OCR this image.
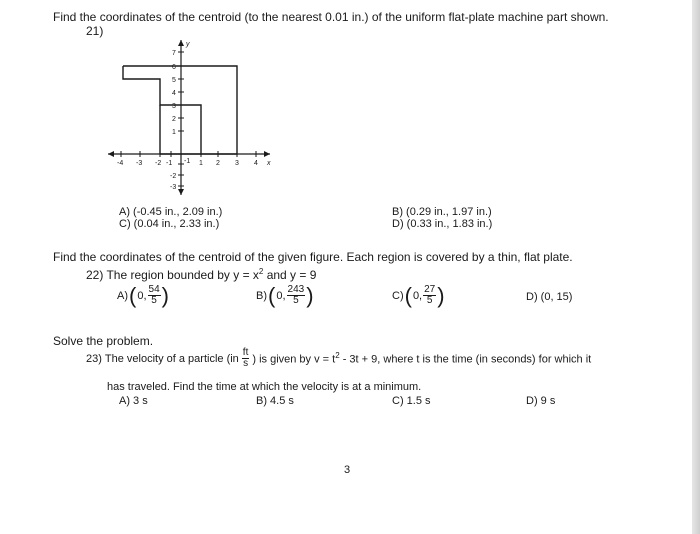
Find the coordinates of the centroid (to the nearest 0.01 in.) of the uniform flat-plate machine part shown.
21)
-4 -3 -2 -1	1 2 3 4 x
7
6
5
4
3
2
1
-1
-2
-3
y
A) (-0.45 in., 2.09 in.)	B) (0.29 in., 1.97 in.)
C) (0.04 in., 2.33 in.)	D) (0.33 in., 1.83 in.)
Find the coordinates of the centroid of the given figure. Each region is covered by a thin, flat plate.
22) The region bounded by $y = x^2$ and y = 9
A) ( 0, $\frac{54}{5}$ )	B) ( 0, $\frac{243}{5}$ )	C) ( 0, $\frac{27}{5}$ )	D) (0, 15)
Solve the problem.
23) The velocity of a particle ($in \frac{ft}{s}$ ) is given by $v = t^2 - 3t + 9$, where t is the time (in seconds) for which it
has traveled. Find the time at which the velocity is at a minimum.
A) 3 s	B) 4.5 s	C) 1.5 s	D) 9 s
3
